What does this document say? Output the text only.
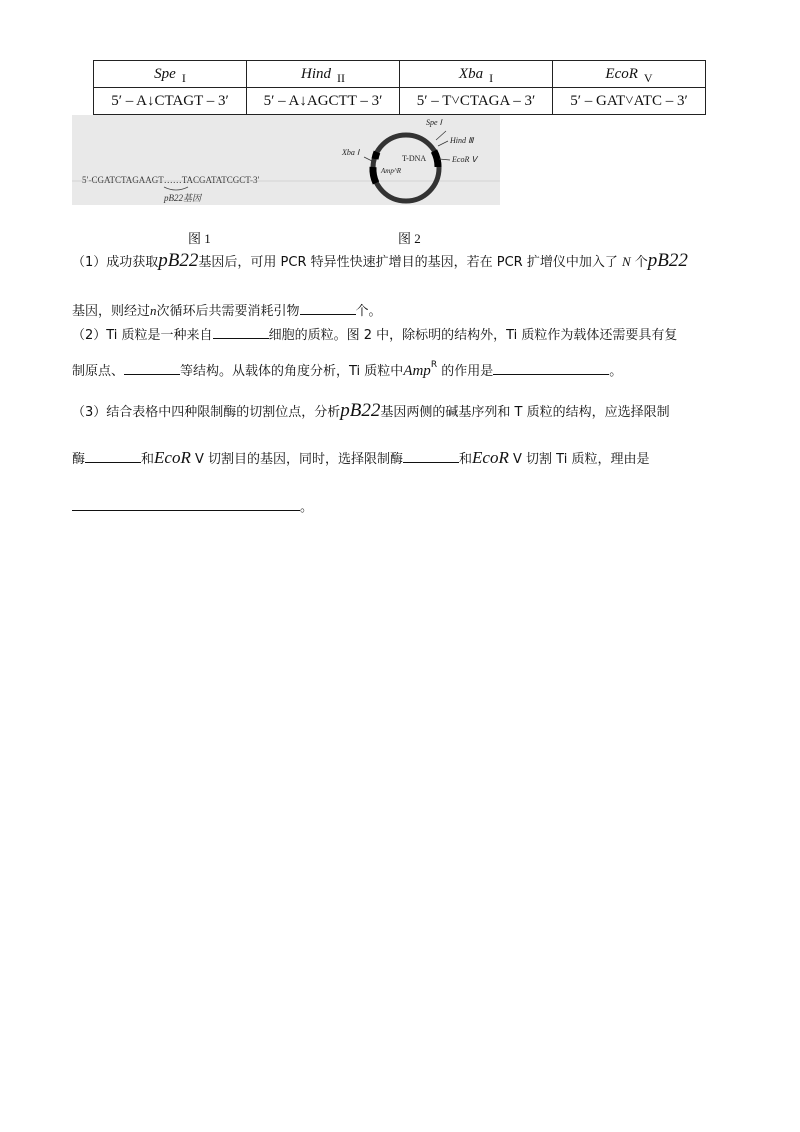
Spe $_I$	Hind $_{II}$	Xba $_I$	EcoR $_V$
5′ – A↓CTAGT – 3′	5′ – A↓AGCTT – 3′	5′ – T˅CTAGA – 3′	5′ – GAT˅ATC – 3′
5′-CGATCTAGAAGT……TACGATATCGCT-3′
pB22基因
Spe Ⅰ
Hind Ⅲ
Xba Ⅰ
T-DNA	EcoR Ⅴ
Amp^R
图 1	图 2
（1）成功获取pB22基因后，可用 PCR 特异性快速扩增目的基因，若在 PCR 扩增仪中加入了 N 个pB22
基因，则经过n次循环后共需要消耗引物	个。
（2）Ti 质粒是一种来自	细胞的质粒。图 2 中，除标明的结构外，Ti 质粒作为载体还需要具有复
制原点、	等结构。从载体的角度分析，Ti 质粒中Amp$^R$ 的作用是	。
（3）结合表格中四种限制酶的切割位点，分析pB22基因两侧的碱基序列和 T 质粒的结构，应选择限制
酶	和EcoR V 切割目的基因，同时，选择限制酶	和EcoR V 切割 Ti 质粒，理由是
。
